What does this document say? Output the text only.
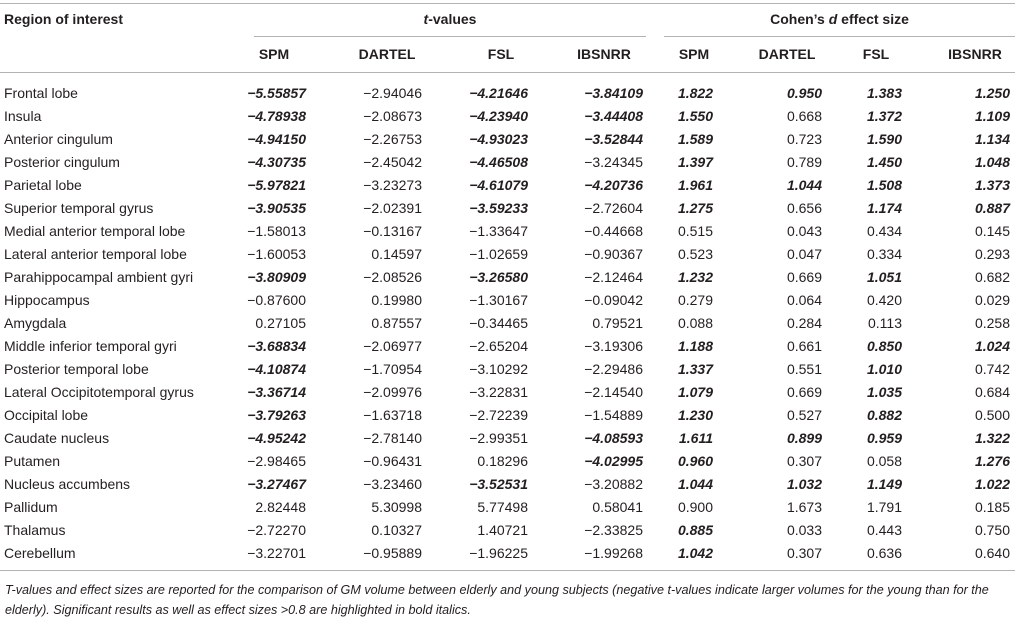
Region of interest	t-values	Cohen’s d effect size
SPM	DARTEL	FSL	IBSNRR	SPM	DARTEL	FSL	IBSNRR
Frontal lobe	−5.55857	−2.94046	−4.21646	−3.84109	1.822	0.950	1.383	1.250
Insula	−4.78938	−2.08673	−4.23940	−3.44408	1.550	0.668	1.372	1.109
Anterior cingulum	−4.94150	−2.26753	−4.93023	−3.52844	1.589	0.723	1.590	1.134
Posterior cingulum	−4.30735	−2.45042	−4.46508	−3.24345	1.397	0.789	1.450	1.048
Parietal lobe	−5.97821	−3.23273	−4.61079	−4.20736	1.961	1.044	1.508	1.373
Superior temporal gyrus	−3.90535	−2.02391	−3.59233	−2.72604	1.275	0.656	1.174	0.887
Medial anterior temporal lobe	−1.58013	−0.13167	−1.33647	−0.44668	0.515	0.043	0.434	0.145
Lateral anterior temporal lobe	−1.60053	0.14597	−1.02659	−0.90367	0.523	0.047	0.334	0.293
Parahippocampal ambient gyri	−3.80909	−2.08526	−3.26580	−2.12464	1.232	0.669	1.051	0.682
Hippocampus	−0.87600	0.19980	−1.30167	−0.09042	0.279	0.064	0.420	0.029
Amygdala	0.27105	0.87557	−0.34465	0.79521	0.088	0.284	0.113	0.258
Middle inferior temporal gyri	−3.68834	−2.06977	−2.65204	−3.19306	1.188	0.661	0.850	1.024
Posterior temporal lobe	−4.10874	−1.70954	−3.10292	−2.29486	1.337	0.551	1.010	0.742
Lateral Occipitotemporal gyrus	−3.36714	−2.09976	−3.22831	−2.14540	1.079	0.669	1.035	0.684
Occipital lobe	−3.79263	−1.63718	−2.72239	−1.54889	1.230	0.527	0.882	0.500
Caudate nucleus	−4.95242	−2.78140	−2.99351	−4.08593	1.611	0.899	0.959	1.322
Putamen	−2.98465	−0.96431	0.18296	−4.02995	0.960	0.307	0.058	1.276
Nucleus accumbens	−3.27467	−3.23460	−3.52531	−3.20882	1.044	1.032	1.149	1.022
Pallidum	2.82448	5.30998	5.77498	0.58041	0.900	1.673	1.791	0.185
Thalamus	−2.72270	0.10327	1.40721	−2.33825	0.885	0.033	0.443	0.750
Cerebellum	−3.22701	−0.95889	−1.96225	−1.99268	1.042	0.307	0.636	0.640
T-values and effect sizes are reported for the comparison of GM volume between elderly and young subjects (negative t-values indicate larger volumes for the young than for the elderly). Significant results as well as effect sizes >0.8 are highlighted in bold italics.
